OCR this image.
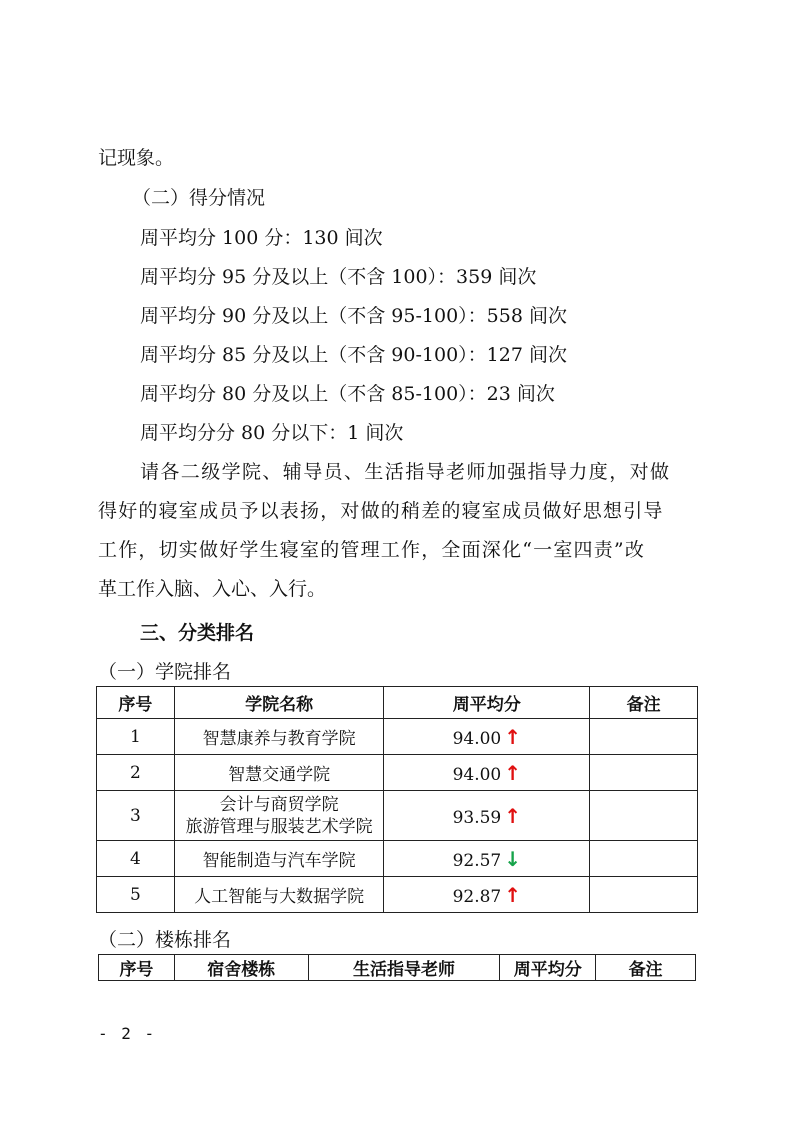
记现象。
（二）得分情况
周平均分 100 分：130 间次
周平均分 95 分及以上（不含 100）：359 间次
周平均分 90 分及以上（不含 95-100）：558 间次
周平均分 85 分及以上（不含 90-100）：127 间次
周平均分 80 分及以上（不含 85-100）：23 间次
周平均分分 80 分以下：1 间次
请各二级学院、辅导员、生活指导老师加强指导力度，对做
得好的寝室成员予以表扬，对做的稍差的寝室成员做好思想引导
工作，切实做好学生寝室的管理工作，全面深化“一室四责”改
革工作入脑、入心、入行。
三、分类排名
（一）学院排名
序号	学院名称	周平均分	备注
1	智慧康养与教育学院	94.00 ↑	
2	智慧交通学院	94.00 ↑	
3	会计与商贸学院
旅游管理与服装艺术学院	93.59 ↑	
4	智能制造与汽车学院	92.57 ↓	
5	人工智能与大数据学院	92.87 ↑	
（二）楼栋排名
序号	宿舍楼栋	生活指导老师	周平均分	备注
- 2 -
